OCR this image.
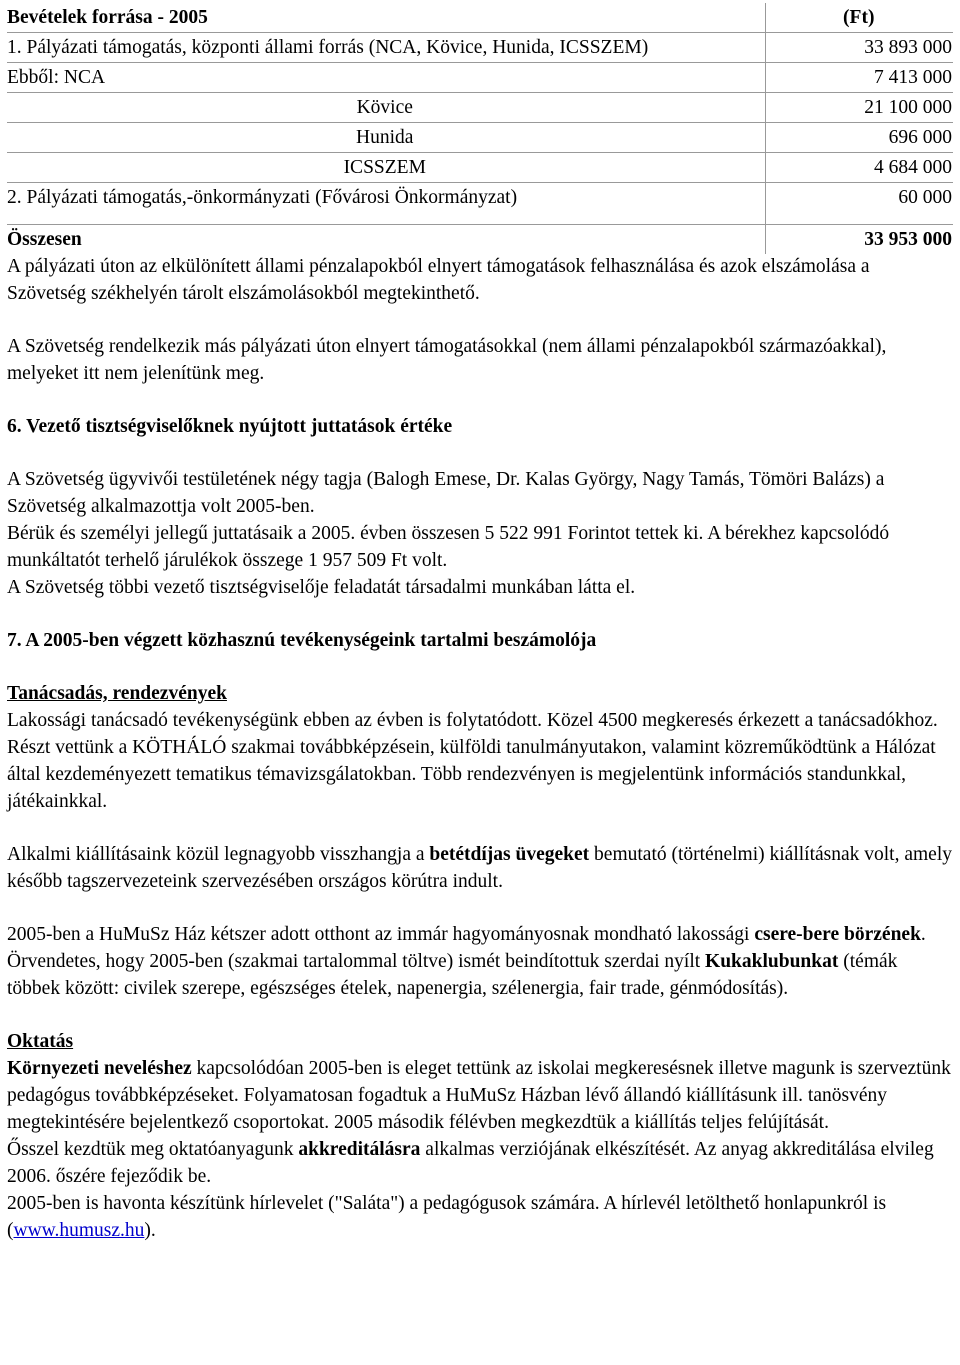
Bevételek forrása - 2005	(Ft)
1. Pályázati támogatás, központi állami forrás (NCA, Kövice, Hunida, ICSSZEM)	33 893 000
Ebből: NCA	7 413 000
Kövice	21 100 000
Hunida	696 000
ICSSZEM	4 684 000
2. Pályázati támogatás,-önkormányzati (Fővárosi Önkormányzat)	60 000

Összesen	33 953 000

A pályázati úton az elkülönített állami pénzalapokból elnyert támogatások felhasználása és azok elszámolása a Szövetség székhelyén tárolt elszámolásokból megtekinthető.

A Szövetség rendelkezik más pályázati úton elnyert támogatásokkal (nem állami pénzalapokból származóakkal), melyeket itt nem jelenítünk meg.

6. Vezető tisztségviselőknek nyújtott juttatások értéke

A Szövetség ügyvivői testületének négy tagja (Balogh Emese, Dr. Kalas György, Nagy Tamás, Tömöri Balázs) a Szövetség alkalmazottja volt 2005-ben.

Bérük és személyi jellegű juttatásaik a 2005. évben összesen 5 522 991 Forintot tettek ki. A bérekhez kapcsolódó munkáltatót terhelő járulékok összege 1 957 509 Ft volt.

A Szövetség többi vezető tisztségviselője feladatát társadalmi munkában látta el.

7. A 2005-ben végzett közhasznú tevékenységeink tartalmi beszámolója

Tanácsadás, rendezvények

Lakossági tanácsadó tevékenységünk ebben az évben is folytatódott. Közel 4500 megkeresés érkezett a tanácsadókhoz. Részt vettünk a KÖTHÁLÓ szakmai továbbképzésein, külföldi tanulmányutakon, valamint közreműködtünk a Hálózat által kezdeményezett tematikus témavizsgálatokban. Több rendezvényen is megjelentünk információs standunkkal, játékainkkal.

Alkalmi kiállításaink közül legnagyobb visszhangja a betétdíjas üvegeket bemutató (történelmi) kiállításnak volt, amely később tagszervezeteink szervezésében országos körútra indult.

2005-ben a HuMuSz Ház kétszer adott otthont az immár hagyományosnak mondható lakossági csere-bere börzének. Örvendetes, hogy 2005-ben (szakmai tartalommal töltve) ismét beindítottuk szerdai nyílt Kukaklubunkat (témák többek között: civilek szerepe, egészséges ételek, napenergia, szélenergia, fair trade, génmódosítás).

Oktatás

Környezeti neveléshez kapcsolódóan 2005-ben is eleget tettünk az iskolai megkeresésnek illetve magunk is szerveztünk pedagógus továbbképzéseket. Folyamatosan fogadtuk a HuMuSz Házban lévő állandó kiállításunk ill. tanösvény megtekintésére bejelentkező csoportokat. 2005 második félévben megkezdtük a kiállítás teljes felújítását.

Ősszel kezdtük meg oktatóanyagunk akkreditálásra alkalmas verziójának elkészítését. Az anyag akkreditálása elvileg 2006. őszére fejeződik be.

2005-ben is havonta készítünk hírlevelet ("Saláta") a pedagógusok számára. A hírlevél letölthető honlapunkról is (www.humusz.hu).
